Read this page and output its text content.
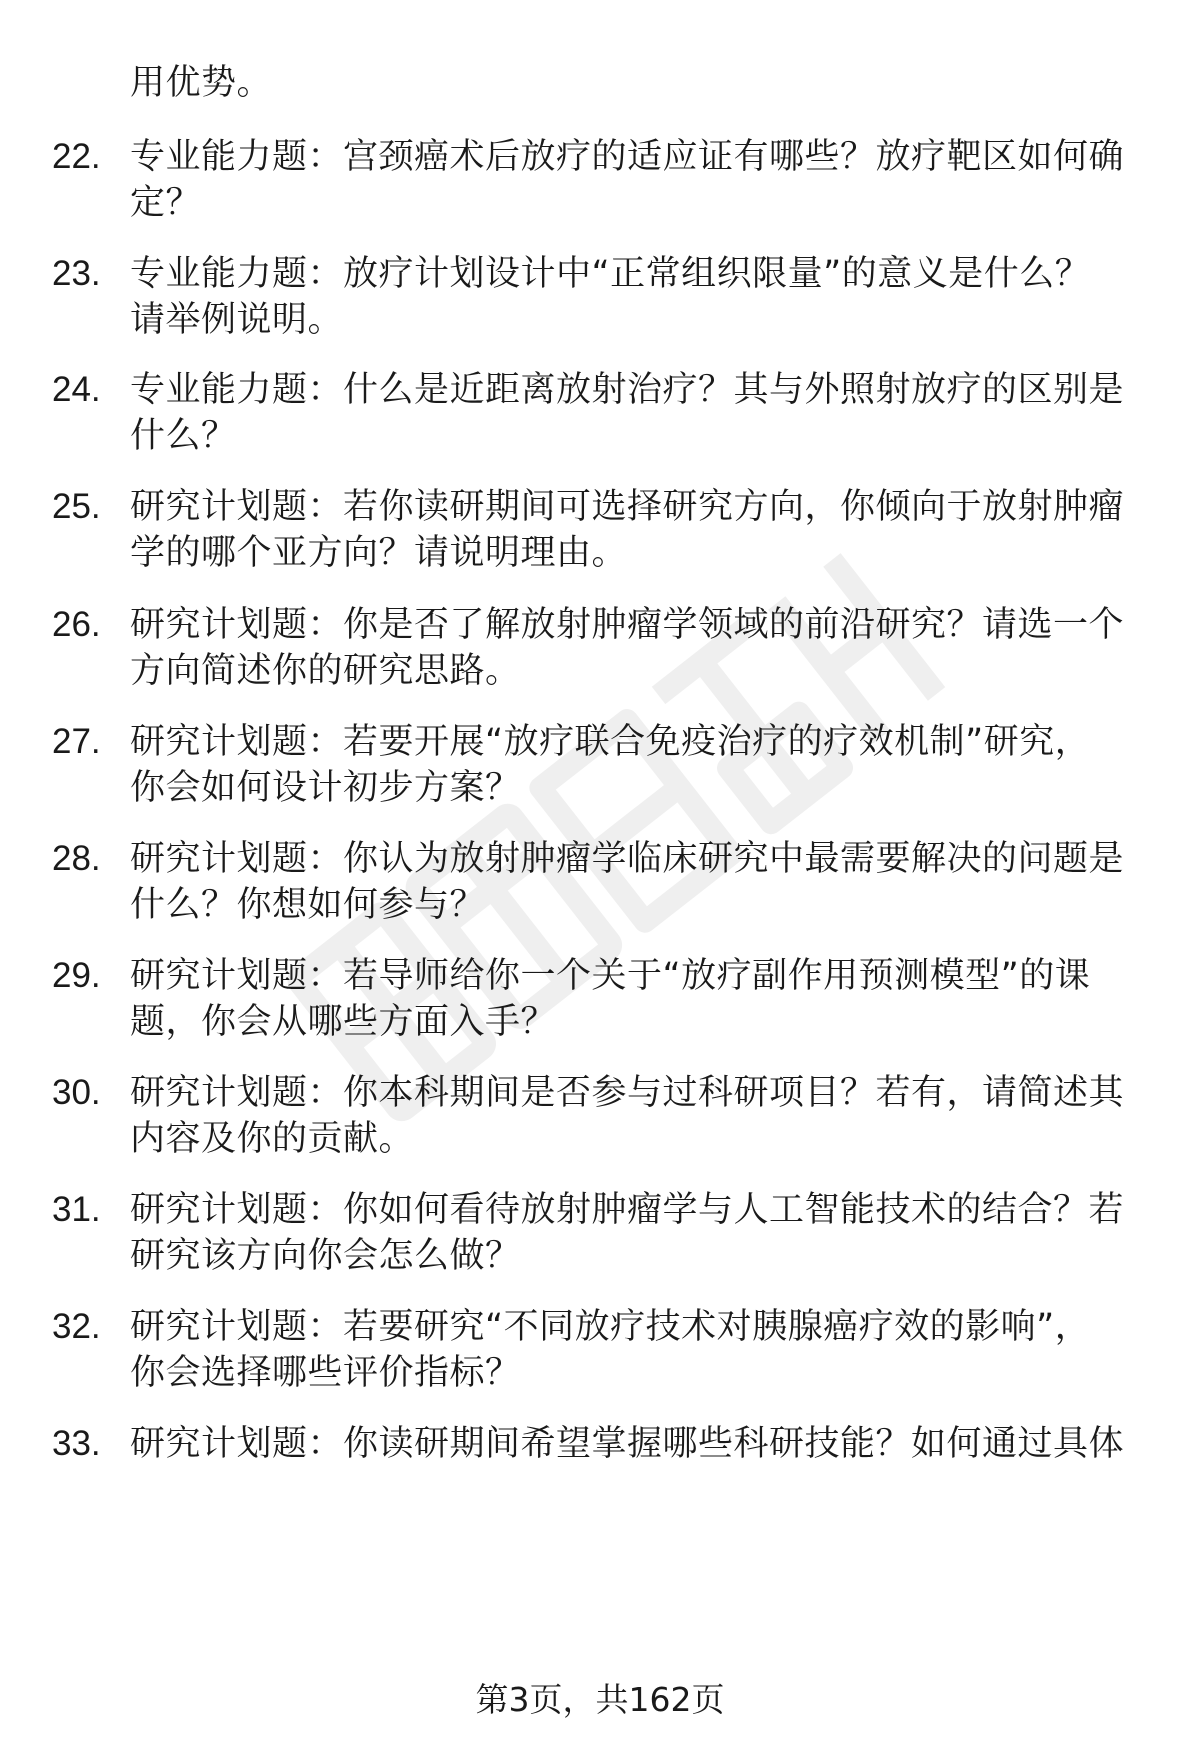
用优势。
22. 专业能力题：宫颈癌术后放疗的适应证有哪些？放疗靶区如何确
定？
23. 专业能力题：放疗计划设计中“正常组织限量”的意义是什么？
请举例说明。
24. 专业能力题：什么是近距离放射治疗？其与外照射放疗的区别是
什么？
25. 研究计划题：若你读研期间可选择研究方向，你倾向于放射肿瘤
学的哪个亚方向？请说明理由。
26. 研究计划题：你是否了解放射肿瘤学领域的前沿研究？请选一个
方向简述你的研究思路。
27. 研究计划题：若要开展“放疗联合免疫治疗的疗效机制”研究，
你会如何设计初步方案？
28. 研究计划题：你认为放射肿瘤学临床研究中最需要解决的问题是
什么？你想如何参与？
29. 研究计划题：若导师给你一个关于“放疗副作用预测模型”的课
题，你会从哪些方面入手？
30. 研究计划题：你本科期间是否参与过科研项目？若有，请简述其
内容及你的贡献。
31. 研究计划题：你如何看待放射肿瘤学与人工智能技术的结合？若
研究该方向你会怎么做？
32. 研究计划题：若要研究“不同放疗技术对胰腺癌疗效的影响”，
你会选择哪些评价指标？
33. 研究计划题：你读研期间希望掌握哪些科研技能？如何通过具体
第3页，共162页
